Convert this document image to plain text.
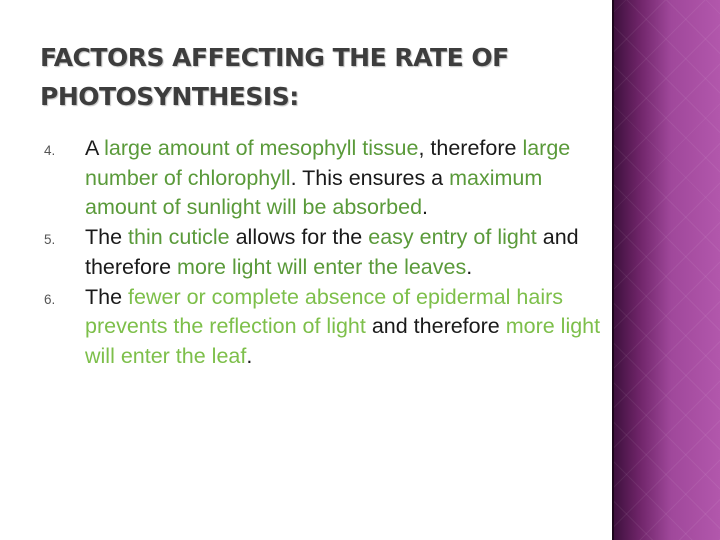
FACTORS AFFECTING THE RATE OF PHOTOSYNTHESIS:
4. A large amount of mesophyll tissue, therefore large number of chlorophyll. This ensures a maximum amount of sunlight will be absorbed.
5. The thin cuticle allows for the easy entry of light and therefore more light will enter the leaves.
6. The fewer or complete absence of epidermal hairs prevents the reflection of light and therefore more light will enter the leaf.
